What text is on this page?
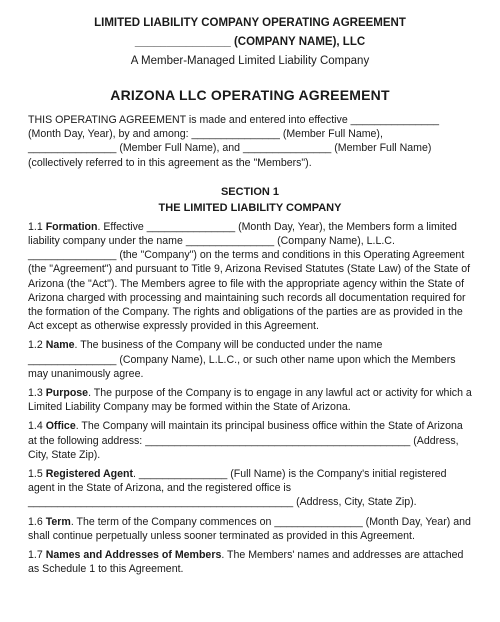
LIMITED LIABILITY COMPANY OPERATING AGREEMENT
_______________ (COMPANY NAME), LLC
A Member-Managed Limited Liability Company
ARIZONA LLC OPERATING AGREEMENT

THIS OPERATING AGREEMENT is made and entered into effective _______________ (Month Day, Year), by and among: _______________ (Member Full Name), _______________ (Member Full Name), and _______________ (Member Full Name) (collectively referred to in this agreement as the "Members").

SECTION 1
THE LIMITED LIABILITY COMPANY

1.1 Formation. Effective _______________ (Month Day, Year), the Members form a limited liability company under the name _______________ (Company Name), L.L.C. _______________ (the "Company") on the terms and conditions in this Operating Agreement (the "Agreement") and pursuant to Title 9, Arizona Revised Statutes (State Law) of the State of Arizona (the "Act"). The Members agree to file with the appropriate agency within the State of Arizona charged with processing and maintaining such records all documentation required for the formation of the Company. The rights and obligations of the parties are as provided in the Act except as otherwise expressly provided in this Agreement.

1.2 Name. The business of the Company will be conducted under the name _______________ (Company Name), L.L.C., or such other name upon which the Members may unanimously agree.

1.3 Purpose. The purpose of the Company is to engage in any lawful act or activity for which a Limited Liability Company may be formed within the State of Arizona.

1.4 Office. The Company will maintain its principal business office within the State of Arizona at the following address: _____________________________________________ (Address, City, State Zip).

1.5 Registered Agent. _______________ (Full Name) is the Company's initial registered agent in the State of Arizona, and the registered office is _____________________________________________ (Address, City, State Zip).

1.6 Term. The term of the Company commences on _______________ (Month Day, Year) and shall continue perpetually unless sooner terminated as provided in this Agreement.

1.7 Names and Addresses of Members. The Members' names and addresses are attached as Schedule 1 to this Agreement.
